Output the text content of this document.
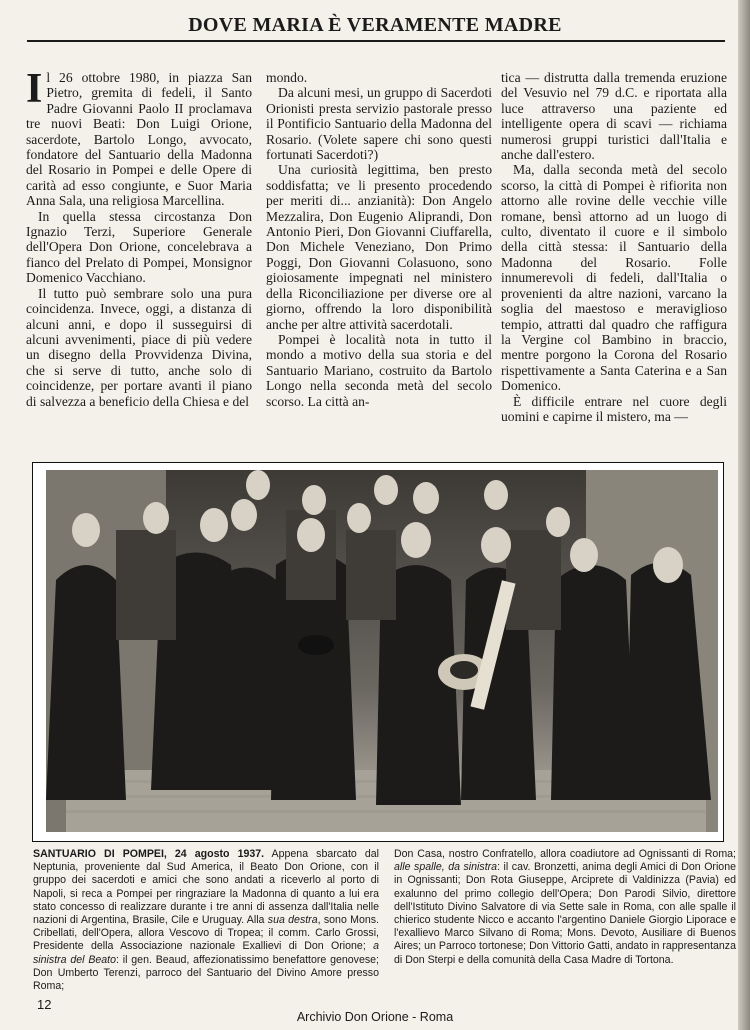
DOVE MARIA È VERAMENTE MADRE

Il 26 ottobre 1980, in piazza San Pietro, gremita di fedeli, il Santo Padre Giovanni Paolo II proclamava tre nuovi Beati: Don Luigi Orione, sacerdote, Bartolo Longo, avvocato, fondatore del Santuario della Madonna del Rosario in Pompei e delle Opere di carità ad esso congiunte, e Suor Maria Anna Sala, una religiosa Marcellina.

In quella stessa circostanza Don Ignazio Terzi, Superiore Generale dell'Opera Don Orione, concelebrava a fianco del Prelato di Pompei, Monsignor Domenico Vacchiano.

Il tutto può sembrare solo una pura coincidenza. Invece, oggi, a distanza di alcuni anni, e dopo il susseguirsi di alcuni avvenimenti, piace di più vedere un disegno della Provvidenza Divina, che si serve di tutto, anche solo di coincidenze, per portare avanti il piano di salvezza a beneficio della Chiesa e del

mondo.

Da alcuni mesi, un gruppo di Sacerdoti Orionisti presta servizio pastorale presso il Pontificio Santuario della Madonna del Rosario. (Volete sapere chi sono questi fortunati Sacerdoti?)

Una curiosità legittima, ben presto soddisfatta; ve li presento procedendo per meriti di... anzianità): Don Angelo Mezzalira, Don Eugenio Aliprandi, Don Antonio Pieri, Don Giovanni Ciuffarella, Don Michele Veneziano, Don Primo Poggi, Don Giovanni Colasuono, sono gioiosamente impegnati nel ministero della Riconciliazione per diverse ore al giorno, offrendo la loro disponibilità anche per altre attività sacerdotali.

Pompei è località nota in tutto il mondo a motivo della sua storia e del Santuario Mariano, costruito da Bartolo Longo nella seconda metà del secolo scorso. La città an-

tica — distrutta dalla tremenda eruzione del Vesuvio nel 79 d.C. e riportata alla luce attraverso una paziente ed intelligente opera di scavi — richiama numerosi gruppi turistici dall'Italia e anche dall'estero.

Ma, dalla seconda metà del secolo scorso, la città di Pompei è rifiorita non attorno alle rovine delle vecchie ville romane, bensì attorno ad un luogo di culto, diventato il cuore e il simbolo della città stessa: il Santuario della Madonna del Rosario. Folle innumerevoli di fedeli, dall'Italia o provenienti da altre nazioni, varcano la soglia del maestoso e meraviglioso tempio, attratti dal quadro che raffigura la Vergine col Bambino in braccio, mentre porgono la Corona del Rosario rispettivamente a Santa Caterina e a San Domenico.

È difficile entrare nel cuore degli uomini e capirne il mistero, ma —

SANTUARIO DI POMPEI, 24 agosto 1937. Appena sbarcato dal Neptunia, proveniente dal Sud America, il Beato Don Orione, con il gruppo dei sacerdoti e amici che sono andati a riceverlo al porto di Napoli, si reca a Pompei per ringraziare la Madonna di quanto a lui era stato concesso di realizzare durante i tre anni di assenza dall'Italia nelle nazioni di Argentina, Brasile, Cile e Uruguay. Alla sua destra, sono Mons. Cribellati, dell'Opera, allora Vescovo di Tropea; il comm. Carlo Grossi, Presidente della Associazione nazionale Exallievi di Don Orione; a sinistra del Beato: il gen. Beaud, affezionatissimo benefattore genovese; Don Umberto Terenzi, parroco del Santuario del Divino Amore presso Roma;
Don Casa, nostro Confratello, allora coadiutore ad Ognissanti di Roma; alle spalle, da sinistra: il cav. Bronzetti, anima degli Amici di Don Orione in Ognissanti; Don Rota Giuseppe, Arciprete di Valdinizza (Pavia) ed exalunno del primo collegio dell'Opera; Don Parodi Silvio, direttore dell'Istituto Divino Salvatore di via Sette sale in Roma, con alle spalle il chierico studente Nicco e accanto l'argentino Daniele Giorgio Liporace e l'exallievo Marco Silvano di Roma; Mons. Devoto, Ausiliare di Buenos Aires; un Parroco tortonese; Don Vittorio Gatti, andato in rappresentanza di Don Sterpi e della comunità della Casa Madre di Tortona.
12
Archivio Don Orione - Roma
